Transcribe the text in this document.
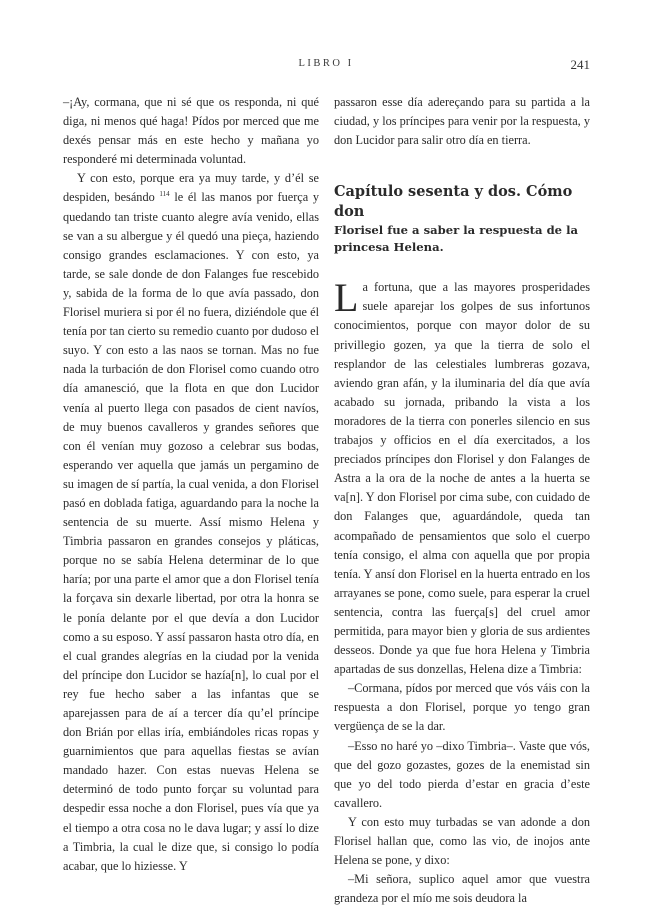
LIBRO I	241

–¡Ay, cormana, que ni sé que os responda, ni qué diga, ni menos qué haga! Pídos por merced que me dexés pensar más en este hecho y mañana yo responderé mi determinada voluntad.

Y con esto, porque era ya muy tarde, y d’él se despiden, besándo $^{114}$ le él las manos por fuerça y quedando tan triste cuanto alegre avía venido, ellas se van a su albergue y él quedó una pieça, haziendo consigo grandes esclamaciones. Y con esto, ya tarde, se sale donde de don Falanges fue rescebido y, sabida de la forma de lo que avía passado, don Florisel muriera si por él no fuera, diziéndole que él tenía por tan cierto su remedio cuanto por dudoso el suyo. Y con esto a las naos se tornan. Mas no fue nada la turbación de don Florisel como cuando otro día amanesció, que la flota en que don Lucidor venía al puerto llega con pasados de cient navíos, de muy buenos cavalleros y grandes señores que con él venían muy gozoso a celebrar sus bodas, esperando ver aquella que jamás un pergamino de su imagen de sí partía, la cual venida, a don Florisel pasó en doblada fatiga, aguardando para la noche la sentencia de su muerte. Assí mismo Helena y Timbria passaron en grandes consejos y pláticas, porque no se sabía Helena determinar de lo que haría; por una parte el amor que a don Florisel tenía la forçava sin dexarle libertad, por otra la honra se le ponía delante por el que devía a don Lucidor como a su esposo. Y assí passaron hasta otro día, en el cual grandes alegrías en la ciudad por la venida del príncipe don Lucidor se hazía[n], lo cual por el rey fue hecho saber a las infantas que se aparejassen para de aí a tercer día qu’el príncipe don Brián por ellas iría, embiándoles ricas ropas y guarnimientos que para aquellas fiestas se avían mandado hazer. Con estas nuevas Helena se determinó de todo punto forçar su voluntad para despedir essa noche a don Florisel, pues vía que ya el tiempo a otra cosa no le dava lugar; y assí lo dize a Timbria, la cual le dize que, si consigo lo podía acabar, que lo hiziesse. Y

passaron esse día adereçando para su partida a la ciudad, y los príncipes para venir por la respuesta, y don Lucidor para salir otro día en tierra.

Capítulo sesenta y dos. Cómo don
Florisel fue a saber la respuesta de la princesa Helena.

La fortuna, que a las mayores prosperidades suele aparejar los golpes de sus infortunos conocimientos, porque con mayor dolor de su privillegio gozen, ya que la tierra de solo el resplandor de las celestiales lumbreras gozava, aviendo gran afán, y la iluminaria del día que avía acabado su jornada, pribando la vista a los moradores de la tierra con ponerles silencio en sus trabajos y officios en el día exercitados, a los preciados príncipes don Florisel y don Falanges de Astra a la ora de la noche de antes a la huerta se va[n]. Y don Florisel por cima sube, con cuidado de don Falanges que, aguardándole, queda tan acompañado de pensamientos que solo el cuerpo tenía consigo, el alma con aquella que por propia tenía. Y ansí don Florisel en la huerta entrado en los arrayanes se pone, como suele, para esperar la cruel sentencia, contra las fuerça[s] del cruel amor permitida, para mayor bien y gloria de sus ardientes desseos. Donde ya que fue hora Helena y Timbria apartadas de sus donzellas, Helena dize a Timbria:

–Cormana, pídos por merced que vós váis con la respuesta a don Florisel, porque yo tengo gran vergüença de se la dar.

–Esso no haré yo –dixo Timbria–. Vaste que vós, que del gozo gozastes, gozes de la enemistad sin que yo del todo pierda d’estar en gracia d’este cavallero.

Y con esto muy turbadas se van adonde a don Florisel hallan que, como las vio, de inojos ante Helena se pone, y dixo:

–Mi señora, suplico aquel amor que vuestra grandeza por el mío me sois deudora la
